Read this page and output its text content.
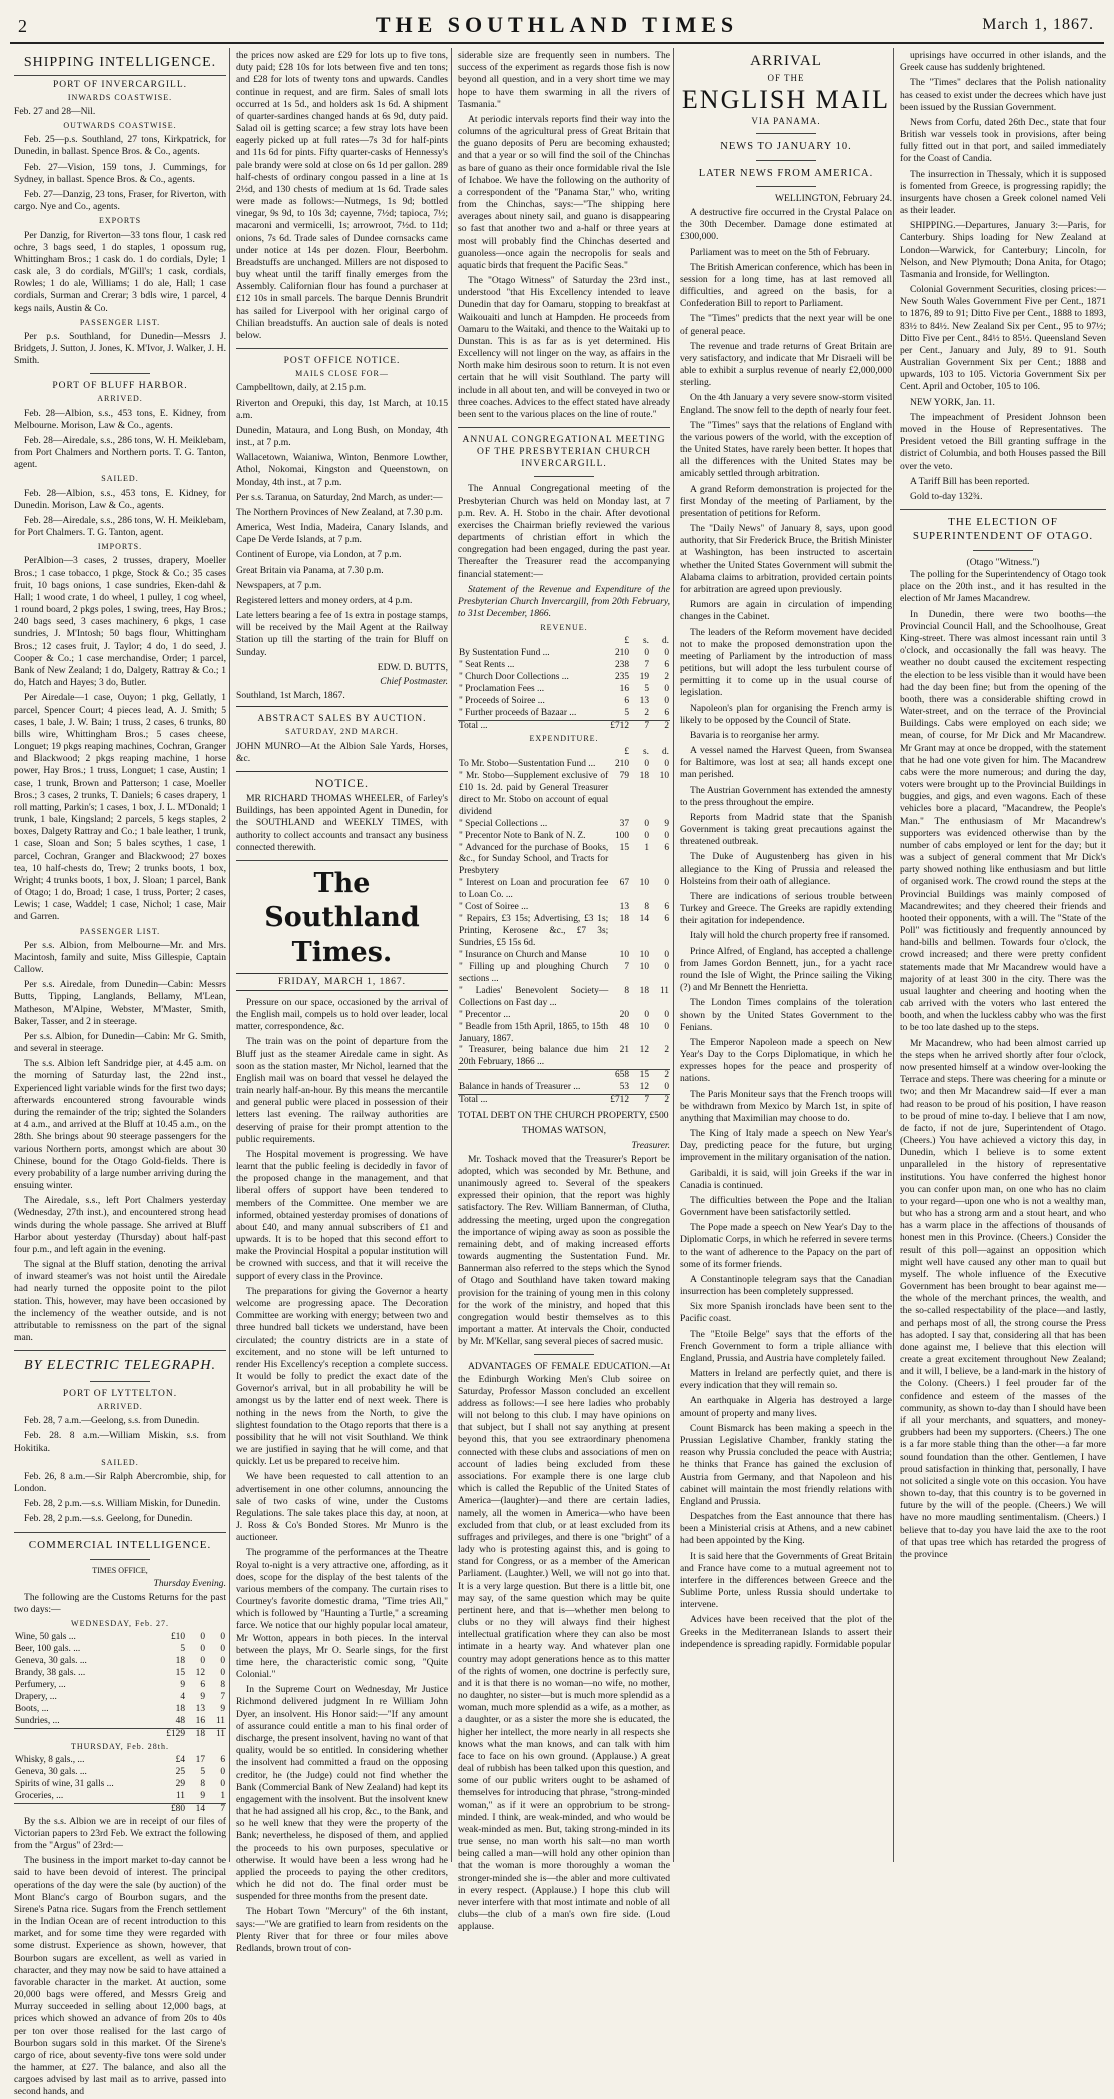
2	THE SOUTHLAND TIMES	March 1, 1867.
SHIPPING INTELLIGENCE.
PORT OF INVERCARGILL.
INWARDS COASTWISE.

Feb. 27 and 28—Nil.

OUTWARDS COASTWISE.

Feb. 25—p.s. Southland, 27 tons, Kirkpatrick, for Dunedin, in ballast. Spence Bros. & Co., agents.

Feb. 27—Vision, 159 tons, J. Cummings, for Sydney, in ballast. Spence Bros. & Co., agents.

Feb. 27—Danzig, 23 tons, Fraser, for Riverton, with cargo. Nye and Co., agents.

EXPORTS

Per Danzig, for Riverton—33 tons flour, 1 cask red ochre, 3 bags seed, 1 do staples, 1 opossum rug, Whittingham Bros.; 1 cask do. 1 do cordials, Dyle; 1 cask ale, 3 do cordials, M'Gill's; 1 cask, cordials, Rowles; 1 do ale, Williams; 1 do ale, Hall; 1 case cordials, Surman and Crerar; 3 bdls wire, 1 parcel, 4 kegs nails, Austin & Co.

PASSENGER LIST.

Per p.s. Southland, for Dunedin—Messrs J. Bridgets, J. Sutton, J. Jones, K. M'Ivor, J. Walker, J. H. Smith.

PORT OF BLUFF HARBOR.
ARRIVED.

Feb. 28—Albion, s.s., 453 tons, E. Kidney, from Melbourne. Morison, Law & Co., agents.

Feb. 28—Airedale, s.s., 286 tons, W. H. Meiklebam, from Port Chalmers and Northern ports. T. G. Tanton, agent.

SAILED.

Feb. 28—Albion, s.s., 453 tons, E. Kidney, for Dunedin. Morison, Law & Co., agents.

Feb. 28—Airedale, s.s., 286 tons, W. H. Meiklebam, for Port Chalmers. T. G. Tanton, agent.

IMPORTS.

PerAlbion—3 cases, 2 trusses, drapery, Moeller Bros.; 1 case tobacco, 1 pkge, Stock & Co.; 35 cases fruit, 10 bags onions, 1 case sundries, Eken-dahl & Hall; 1 wood crate, 1 do wheel, 1 pulley, 1 cog wheel, 1 round board, 2 pkgs poles, 1 swing, trees, Hay Bros.; 240 bags seed, 3 cases machinery, 6 pkgs, 1 case sundries, J. M'Intosh; 50 bags flour, Whittingham Bros.; 12 cases fruit, J. Taylor; 4 do, 1 do seed, J. Cooper & Co.; 1 case merchandise, Order; 1 parcel, Bank of New Zealand; 1 do, Dalgety, Rattray & Co.; 1 do, Hatch and Hayes; 3 do, Butler.

Per Airedale—1 case, Ouyon; 1 pkg, Gellatly, 1 parcel, Spencer Court; 4 pieces lead, A. J. Smith; 5 cases, 1 bale, J. W. Bain; 1 truss, 2 cases, 6 trunks, 80 bills wire, Whittingham Bros.; 5 cases cheese, Longuet; 19 pkgs reaping machines, Cochran, Granger and Blackwood; 2 pkgs reaping machine, 1 horse power, Hay Bros.; 1 truss, Longuet; 1 case, Austin; 1 case, 1 trunk, Brown and Patterson; 1 case, Moeller Bros.; 3 cases, 2 trunks, T. Daniels; 6 cases drapery, 1 roll matting, Parkin's; 1 cases, 1 box, J. L. M'Donald; 1 trunk, 1 bale, Kingsland; 2 parcels, 5 kegs staples, 2 boxes, Dalgety Rattray and Co.; 1 bale leather, 1 trunk, 1 case, Sloan and Son; 5 bales scythes, 1 case, 1 parcel, Cochran, Granger and Blackwood; 27 boxes tea, 10 half-chests do, Trew; 2 trunks boots, 1 box, Wright; 4 trunks boots, 1 box, J. Sloan; 1 parcel, Bank of Otago; 1 do, Broad; 1 case, 1 truss, Porter; 2 cases, Lewis; 1 case, Waddel; 1 case, Nichol; 1 case, Mair and Garren.

PASSENGER LIST.

Per s.s. Albion, from Melbourne—Mr. and Mrs. Macintosh, family and suite, Miss Gillespie, Captain Callow.

Per s.s. Airedale, from Dunedin—Cabin: Messrs Butts, Tipping, Langlands, Bellamy, M'Lean, Matheson, M'Alpine, Webster, M'Master, Smith, Baker, Tasser, and 2 in steerage.

Per s.s. Albion, for Dunedin—Cabin: Mr G. Smith, and several in steerage.

The s.s. Albion left Sandridge pier, at 4.45 a.m. on the morning of Saturday last, the 22nd inst., Experienced light variable winds for the first two days; afterwards encountered strong favourable winds during the remainder of the trip; sighted the Solanders at 4 a.m., and arrived at the Bluff at 10.45 a.m., on the 28th. She brings about 90 steerage passengers for the various Northern ports, amongst which are about 30 Chinese, bound for the Otago Gold-fields. There is every probability of a large number arriving during the ensuing winter.

The Airedale, s.s., left Port Chalmers yesterday (Wednesday, 27th inst.), and encountered strong head winds during the whole passage. She arrived at Bluff Harbor about yesterday (Thursday) about half-past four p.m., and left again in the evening.

The signal at the Bluff station, denoting the arrival of inward steamer's was not hoist until the Airedale had nearly turned the opposite point to the pilot station. This, however, may have been occasioned by the inclemency of the weather outside, and is not attributable to remissness on the part of the signal man.

BY ELECTRIC TELEGRAPH.
PORT OF LYTTELTON.
ARRIVED.

Feb. 28, 7 a.m.—Geelong, s.s. from Dunedin.

Feb. 28. 8 a.m.—William Miskin, s.s. from Hokitika.

SAILED.

Feb. 26, 8 a.m.—Sir Ralph Abercrombie, ship, for London.

Feb. 28, 2 p.m.—s.s. William Miskin, for Dunedin.

Feb. 28, 2 p.m.—s.s. Geelong, for Dunedin.

COMMERCIAL INTELLIGENCE.
TIMES OFFICE,
Thursday Evening.

The following are the Customs Returns for the past two days:—

WEDNESDAY, Feb. 27.
Wine, 50 gals ...	£10	0	0
Beer, 100 gals. ...	5	0	0
Geneva, 30 gals. ...	18	0	0
Brandy, 38 gals. ...	15	12	0
Perfumery, ...	9	6	8
Drapery, ...	4	9	7
Boots, ...	18	13	9
Sundries, ...	48	16	11
	£129	18	11
THURSDAY, Feb. 28th.
Whisky, 8 gals., ...	£4	17	6
Geneva, 30 gals. ...	25	5	0
Spirits of wine, 31 galls ...	29	8	0
Groceries, ...	11	9	1
	£80	14	7

By the s.s. Albion we are in receipt of our files of Victorian papers to 23rd Feb. We extract the following from the "Argus" of 23rd:—

The business in the import market to-day cannot be said to have been devoid of interest. The principal operations of the day were the sale (by auction) of the Mont Blanc's cargo of Bourbon sugars, and the Sirene's Patna rice. Sugars from the French settlement in the Indian Ocean are of recent introduction to this market, and for some time they were regarded with some distrust. Experience as shown, however, that Bourbon sugars are excellent, as well as varied in character, and they may now be said to have attained a favorable character in the market. At auction, some 20,000 bags were offered, and Messrs Greig and Murray succeeded in selling about 12,000 bags, at prices which showed an advance of from 20s to 40s per ton over those realised for the last cargo of Bourbon sugars sold in this market. Of the Sirene's cargo of rice, about seventy-five tons were sold under the hammer, at £27. The balance, and also all the cargoes advised by last mail as to arrive, passed into second hands, and

the prices now asked are £29 for lots up to five tons, duty paid; £28 10s for lots between five and ten tons; and £28 for lots of twenty tons and upwards. Candles continue in request, and are firm. Sales of small lots occurred at 1s 5d., and holders ask 1s 6d. A shipment of quarter-sardines changed hands at 6s 9d, duty paid. Salad oil is getting scarce; a few stray lots have been eagerly picked up at full rates—7s 3d for half-pints and 11s 6d for pints. Fifty quarter-casks of Hennessy's pale brandy were sold at close on 6s 1d per gallon. 289 half-chests of ordinary congou passed in a line at 1s 2½d, and 130 chests of medium at 1s 6d. Trade sales were made as follows:—Nutmegs, 1s 9d; bottled vinegar, 9s 9d, to 10s 3d; cayenne, 7½d; tapioca, 7½; macaroni and vermicelli, 1s; arrowroot, 7½d. to 11d; onions, 7s 6d. Trade sales of Dundee cornsacks came under notice at 14s per dozen. Flour, Beerbohm. Breadstuffs are unchanged. Millers are not disposed to buy wheat until the tariff finally emerges from the Assembly. Californian flour has found a purchaser at £12 10s in small parcels. The barque Dennis Brundrit has sailed for Liverpool with her original cargo of Chilian breadstuffs. An auction sale of deals is noted below.

POST OFFICE NOTICE.
MAILS CLOSE FOR—

Campbelltown, daily, at 2.15 p.m.

Riverton and Orepuki, this day, 1st March, at 10.15 a.m.

Dunedin, Mataura, and Long Bush, on Monday, 4th inst., at 7 p.m.

Wallacetown, Waianiwa, Winton, Benmore Lowther, Athol, Nokomai, Kingston and Queenstown, on Monday, 4th inst., at 7 p.m.

Per s.s. Taranua, on Saturday, 2nd March, as under:—

The Northern Provinces of New Zealand, at 7.30 p.m.

America, West India, Madeira, Canary Islands, and Cape De Verde Islands, at 7 p.m.

Continent of Europe, via London, at 7 p.m.

Great Britain via Panama, at 7.30 p.m.

Newspapers, at 7 p.m.

Registered letters and money orders, at 4 p.m.

Late letters bearing a fee of 1s extra in postage stamps, will be received by the Mail Agent at the Railway Station up till the starting of the train for Bluff on Sunday.

EDW. D. BUTTS,
Chief Postmaster.

Southland, 1st March, 1867.

ABSTRACT SALES BY AUCTION.
SATURDAY, 2ND MARCH.

JOHN MUNRO—At the Albion Sale Yards, Horses, &c.

NOTICE.

MR RICHARD THOMAS WHEELER, of Farley's Buildings, has been appointed Agent in Dunedin, for the SOUTHLAND and WEEKLY TIMES, with authority to collect accounts and transact any business connected therewith.

The Southland Times.
FRIDAY, MARCH 1, 1867.

Pressure on our space, occasioned by the arrival of the English mail, compels us to hold over leader, local matter, correspondence, &c.

The train was on the point of departure from the Bluff just as the steamer Airedale came in sight. As soon as the station master, Mr Nichol, learned that the English mail was on board that vessel he delayed the train nearly half-an-hour. By this means the mercantile and general public were placed in possession of their letters last evening. The railway authorities are deserving of praise for their prompt attention to the public requirements.

The Hospital movement is progressing. We have learnt that the public feeling is decidedly in favor of the proposed change in the management, and that liberal offers of support have been tendered to members of the Committee. One member we are informed, obtained yesterday promises of donations of about £40, and many annual subscribers of £1 and upwards. It is to be hoped that this second effort to make the Provincial Hospital a popular institution will be crowned with success, and that it will receive the support of every class in the Province.

The preparations for giving the Governor a hearty welcome are progressing apace. The Decoration Committee are working with energy; between two and three hundred ball tickets we understand, have been circulated; the country districts are in a state of excitement, and no stone will be left unturned to render His Excellency's reception a complete success. It would be folly to predict the exact date of the Governor's arrival, but in all probability he will be amongst us by the latter end of next week. There is nothing in the news from the North, to give the slightest foundation to the Otago reports that there is a possibility that he will not visit Southland. We think we are justified in saying that he will come, and that quickly. Let us be prepared to receive him.

We have been requested to call attention to an advertisement in one other columns, announcing the sale of two casks of wine, under the Customs Regulations. The sale takes place this day, at noon, at J. Ross & Co's Bonded Stores. Mr Munro is the auctioneer.

The programme of the performances at the Theatre Royal to-night is a very attractive one, affording, as it does, scope for the display of the best talents of the various members of the company. The curtain rises to Courtney's favorite domestic drama, "Time tries All," which is followed by "Haunting a Turtle," a screaming farce. We notice that our highly popular local amateur, Mr Wotton, appears in both pieces. In the interval between the plays, Mr O. Searle sings, for the first time here, the characteristic comic song, "Quite Colonial."

In the Supreme Court on Wednesday, Mr Justice Richmond delivered judgment In re William John Dyer, an insolvent. His Honor said:—"If any amount of assurance could entitle a man to his final order of discharge, the present insolvent, having no want of that quality, would be so entitled. In considering whether the insolvent had committed a fraud on the opposing creditor, he (the Judge) could not find whether the Bank (Commercial Bank of New Zealand) had kept its engagement with the insolvent. But the insolvent knew that he had assigned all his crop, &c., to the Bank, and so he well knew that they were the property of the Bank; nevertheless, he disposed of them, and applied the proceeds to his own purposes, speculative or otherwise. It would have been a less wrong had he applied the proceeds to paying the other creditors, which he did not do. The final order must be suspended for three months from the present date.

The Hobart Town "Mercury" of the 6th instant, says:—"We are gratified to learn from residents on the Plenty River that for three or four miles above Redlands, brown trout of con-

siderable size are frequently seen in numbers. The success of the experiment as regards those fish is now beyond all question, and in a very short time we may hope to have them swarming in all the rivers of Tasmania."

At periodic intervals reports find their way into the columns of the agricultural press of Great Britain that the guano deposits of Peru are becoming exhausted; and that a year or so will find the soil of the Chinchas as bare of guano as their once formidable rival the Isle of Ichaboe. We have the following on the authority of a correspondent of the "Panama Star," who, writing from the Chinchas, says:—"The shipping here averages about ninety sail, and guano is disappearing so fast that another two and a-half or three years at most will probably find the Chinchas deserted and guanoless—once again the necropolis for seals and aquatic birds that frequent the Pacific Seas."

The "Otago Witness" of Saturday the 23rd inst., understood "that His Excellency intended to leave Dunedin that day for Oamaru, stopping to breakfast at Waikouaiti and lunch at Hampden. He proceeds from Oamaru to the Waitaki, and thence to the Waitaki up to Dunstan. This is as far as is yet determined. His Excellency will not linger on the way, as affairs in the North make him desirous soon to return. It is not even certain that he will visit Southland. The party will include in all about ten, and will be conveyed in two or three coaches. Advices to the effect stated have already been sent to the various places on the line of route."

ANNUAL CONGREGATIONAL MEETING OF THE PRESBYTERIAN CHURCH INVERCARGILL.

The Annual Congregational meeting of the Presbyterian Church was held on Monday last, at 7 p.m. Rev. A. H. Stobo in the chair. After devotional exercises the Chairman briefly reviewed the various departments of christian effort in which the congregation had been engaged, during the past year. Thereafter the Treasurer read the accompanying financial statement:—

Statement of the Revenue and Expenditure of the Presbyterian Church Invercargill, from 20th February, to 31st December, 1866.

REVENUE.
	£	s.	d.
By Sustentation Fund ...	210	0	0
" Seat Rents ...	238	7	6
" Church Door Collections ...	235	19	2
" Proclamation Fees ...	16	5	0
" Proceeds of Soiree ...	6	13	0
" Further proceeds of Bazaar ...	5	2	6
Total ...	£712	7	2
EXPENDITURE.
	£	s.	d.
To Mr. Stobo—Sustentation Fund ...	210	0	0
" Mr. Stobo—Supplement exclusive of £10 1s. 2d. paid by General Treasurer direct to Mr. Stobo on account of equal dividend	79	18	10
" Special Collections ...	37	0	9
" Precentor Note to Bank of N. Z.	100	0	0
" Advanced for the purchase of Books, &c., for Sunday School, and Tracts for Presbytery	15	1	6
" Interest on Loan and procuration fee to Loan Co. ...	67	10	0
" Cost of Soiree ...	13	8	6
" Repairs, £3 15s; Advertising, £3 1s; Printing, Kerosene &c., £7 3s; Sundries, £5 15s 6d.	18	14	6
" Insurance on Church and Manse	10	10	0
" Filling up and ploughing Church sections ...	7	10	0
" Ladies' Benevolent Society—Collections on Fast day ...	8	18	11
" Precentor ...	20	0	0
" Beadle from 15th April, 1865, to 15th January, 1867.	48	10	0
" Treasurer, being balance due him 20th February, 1866 ...	21	12	2
	658	15	2
Balance in hands of Treasurer ...	53	12	0
Total ...	£712	7	2

TOTAL DEBT ON THE CHURCH PROPERTY, £500

THOMAS WATSON,
Treasurer.

Mr. Toshack moved that the Treasurer's Report be adopted, which was seconded by Mr. Bethune, and unanimously agreed to. Several of the speakers expressed their opinion, that the report was highly satisfactory. The Rev. William Bannerman, of Clutha, addressing the meeting, urged upon the congregation the importance of wiping away as soon as possible the remaining debt, and of making increased efforts towards augmenting the Sustentation Fund. Mr. Bannerman also referred to the steps which the Synod of Otago and Southland have taken toward making provision for the training of young men in this colony for the work of the ministry, and hoped that this congregation would bestir themselves as to this important a matter. At intervals the Choir, conducted by Mr. M'Kellar, sang several pieces of sacred music.

ADVANTAGES OF FEMALE EDUCATION.—At the Edinburgh Working Men's Club soiree on Saturday, Professor Masson concluded an excellent address as follows:—I see here ladies who probably will not belong to this club. I may have opinions on that subject, but I shall not say anything at present beyond this, that you see extraordinary phenomena connected with these clubs and associations of men on account of ladies being excluded from these associations. For example there is one large club which is called the Republic of the United States of America—(laughter)—and there are certain ladies, namely, all the women in America—who have been excluded from that club, or at least excluded from its suffrages and privileges, and there is one "bright" of a lady who is protesting against this, and is going to stand for Congress, or as a member of the American Parliament. (Laughter.) Well, we will not go into that. It is a very large question. But there is a little bit, one may say, of the same question which may be quite pertinent here, and that is—whether men belong to clubs or no they will always find their highest intellectual gratification where they can also be most intimate in a hearty way. And whatever plan one country may adopt generations hence as to this matter of the rights of women, one doctrine is perfectly sure, and it is that there is no woman—no wife, no mother, no daughter, no sister—but is much more splendid as a woman, much more splendid as a wife, as a mother, as a daughter, or as a sister the more she is educated, the higher her intellect, the more nearly in all respects she knows what the man knows, and can talk with him face to face on his own ground. (Applause.) A great deal of rubbish has been talked upon this question, and some of our public writers ought to be ashamed of themselves for introducing that phrase, "strong-minded woman," as if it were an opprobrium to be strong-minded. I think, are weak-minded, and who would be weak-minded as men. But, taking strong-minded in its true sense, no man worth his salt—no man worth being called a man—will hold any other opinion than that the woman is more thoroughly a woman the stronger-minded she is—the abler and more cultivated in every respect. (Applause.) I hope this club will never interfere with that most intimate and noble of all clubs—the club of a man's own fire side. (Loud applause.

ARRIVAL
OF THE
ENGLISH MAIL
VIA PANAMA.
NEWS TO JANUARY 10.
LATER NEWS FROM AMERICA.
WELLINGTON, February 24.

A destructive fire occurred in the Crystal Palace on the 30th December. Damage done estimated at £300,000.

Parliament was to meet on the 5th of February.

The British American conference, which has been in session for a long time, has at last removed all difficulties, and agreed on the basis, for a Confederation Bill to report to Parliament.

The "Times" predicts that the next year will be one of general peace.

The revenue and trade returns of Great Britain are very satisfactory, and indicate that Mr Disraeli will be able to exhibit a surplus revenue of nearly £2,000,000 sterling.

On the 4th January a very severe snow-storm visited England. The snow fell to the depth of nearly four feet.

The "Times" says that the relations of England with the various powers of the world, with the exception of the United States, have rarely been better. It hopes that all the differences with the United States may be amicably settled through arbitration.

A grand Reform demonstration is projected for the first Monday of the meeting of Parliament, by the presentation of petitions for Reform.

The "Daily News" of January 8, says, upon good authority, that Sir Frederick Bruce, the British Minister at Washington, has been instructed to ascertain whether the United States Government will submit the Alabama claims to arbitration, provided certain points for arbitration are agreed upon previously.

Rumors are again in circulation of impending changes in the Cabinet.

The leaders of the Reform movement have decided not to make the proposed demonstration upon the meeting of Parliament by the introduction of mass petitions, but will adopt the less turbulent course of permitting it to come up in the usual course of legislation.

Napoleon's plan for organising the French army is likely to be opposed by the Council of State.

Bavaria is to reorganise her army.

A vessel named the Harvest Queen, from Swansea for Baltimore, was lost at sea; all hands except one man perished.

The Austrian Government has extended the amnesty to the press throughout the empire.

Reports from Madrid state that the Spanish Government is taking great precautions against the threatened outbreak.

The Duke of Augustenberg has given in his allegiance to the King of Prussia and released the Holsteins from their oath of allegiance.

There are indications of serious trouble between Turkey and Greece. The Greeks are rapidly extending their agitation for independence.

Italy will hold the church property free if ransomed.

Prince Alfred, of England, has accepted a challenge from James Gordon Bennett, jun., for a yacht race round the Isle of Wight, the Prince sailing the Viking (?) and Mr Bennett the Henrietta.

The London Times complains of the toleration shown by the United States Government to the Fenians.

The Emperor Napoleon made a speech on New Year's Day to the Corps Diplomatique, in which he expresses hopes for the peace and prosperity of nations.

The Paris Moniteur says that the French troops will be withdrawn from Mexico by March 1st, in spite of anything that Maximilian may choose to do.

The King of Italy made a speech on New Year's Day, predicting peace for the future, but urging improvement in the military organisation of the nation.

Garibaldi, it is said, will join Greeks if the war in Canadia is continued.

The difficulties between the Pope and the Italian Government have been satisfactorily settled.

The Pope made a speech on New Year's Day to the Diplomatic Corps, in which he referred in severe terms to the want of adherence to the Papacy on the part of some of its former friends.

A Constantinople telegram says that the Canadian insurrection has been completely suppressed.

Six more Spanish ironclads have been sent to the Pacific coast.

The "Etoile Belge" says that the efforts of the French Government to form a triple alliance with England, Prussia, and Austria have completely failed.

Matters in Ireland are perfectly quiet, and there is every indication that they will remain so.

An earthquake in Algeria has destroyed a large amount of property and many lives.

Count Bismarck has been making a speech in the Prussian Legislative Chamber, frankly stating the reason why Prussia concluded the peace with Austria; he thinks that France has gained the exclusion of Austria from Germany, and that Napoleon and his cabinet will maintain the most friendly relations with England and Prussia.

Despatches from the East announce that there has been a Ministerial crisis at Athens, and a new cabinet had been appointed by the King.

It is said here that the Governments of Great Britain and France have come to a mutual agreement not to interfere in the differences between Greece and the Sublime Porte, unless Russia should undertake to intervene.

Advices have been received that the plot of the Greeks in the Mediterranean Islands to assert their independence is spreading rapidly. Formidable popular

uprisings have occurred in other islands, and the Greek cause has suddenly brightened.

The "Times" declares that the Polish nationality has ceased to exist under the decrees which have just been issued by the Russian Government.

News from Corfu, dated 26th Dec., state that four British war vessels took in provisions, after being fully fitted out in that port, and sailed immediately for the Coast of Candia.

The insurrection in Thessaly, which it is supposed is fomented from Greece, is progressing rapidly; the insurgents have chosen a Greek colonel named Veli as their leader.

SHIPPING.—Departures, January 3:—Paris, for Canterbury. Ships loading for New Zealand at London—Warwick, for Canterbury; Lincoln, for Nelson, and New Plymouth; Dona Anita, for Otago; Tasmania and Ironside, for Wellington.

Colonial Government Securities, closing prices:—New South Wales Government Five per Cent., 1871 to 1876, 89 to 91; Ditto Five per Cent., 1888 to 1893, 83½ to 84½. New Zealand Six per Cent., 95 to 97½; Ditto Five per Cent., 84½ to 85½. Queensland Seven per Cent., January and July, 89 to 91. South Australian Government Six per Cent.; 1888 and upwards, 103 to 105. Victoria Government Six per Cent. April and October, 105 to 106.

NEW YORK, Jan. 11.

The impeachment of President Johnson been moved in the House of Representatives. The President vetoed the Bill granting suffrage in the district of Columbia, and both Houses passed the Bill over the veto.

A Tariff Bill has been reported.

Gold to-day 132¾.

THE ELECTION OF SUPERINTENDENT OF OTAGO.
(Otago "Witness.")

The polling for the Superintendency of Otago took place on the 20th inst., and it has resulted in the election of Mr James Macandrew.

In Dunedin, there were two booths—the Provincial Council Hall, and the Schoolhouse, Great King-street. There was almost incessant rain until 3 o'clock, and occasionally the fall was heavy. The weather no doubt caused the excitement respecting the election to be less visible than it would have been had the day been fine; but from the opening of the booth, there was a considerable shifting crowd in Water-street, and on the terrace of the Provincial Buildings. Cabs were employed on each side; we mean, of course, for Mr Dick and Mr Macandrew. Mr Grant may at once be dropped, with the statement that he had one vote given for him. The Macandrew cabs were the more numerous; and during the day, voters were brought up to the Provincial Buildings in buggies, and gigs, and even wagons. Each of these vehicles bore a placard, "Macandrew, the People's Man." The enthusiasm of Mr Macandrew's supporters was evidenced otherwise than by the number of cabs employed or lent for the day; but it was a subject of general comment that Mr Dick's party showed nothing like enthusiasm and but little of organised work. The crowd round the steps at the Provincial Buildings was mainly composed of Macandrewites; and they cheered their friends and hooted their opponents, with a will. The "State of the Poll" was fictitiously and frequently announced by hand-bills and bellmen. Towards four o'clock, the crowd increased; and there were pretty confident statements made that Mr Macandrew would have a majority of at least 300 in the city. There was the usual laughter and cheering and hooting when the cab arrived with the voters who last entered the booth, and when the luckless cabby who was the first to be too late dashed up to the steps.

Mr Macandrew, who had been almost carried up the steps when he arrived shortly after four o'clock, now presented himself at a window over-looking the Terrace and steps. There was cheering for a minute or two; and then Mr Macandrew said—If ever a man had reason to be proud of his position, I have reason to be proud of mine to-day. I believe that I am now, de facto, if not de jure, Superintendent of Otago. (Cheers.) You have achieved a victory this day, in Dunedin, which I believe is to some extent unparalleled in the history of representative institutions. You have conferred the highest honor you can confer upon man, on one who has no claim to your regard—upon one who is not a wealthy man, but who has a strong arm and a stout heart, and who has a warm place in the affections of thousands of honest men in this Province. (Cheers.) Consider the result of this poll—against an opposition which might well have caused any other man to quail but myself. The whole influence of the Executive Government has been brought to bear against me—the whole of the merchant princes, the wealth, and the so-called respectability of the place—and lastly, and perhaps most of all, the strong course the Press has adopted. I say that, considering all that has been done against me, I believe that this election will create a great excitement throughout New Zealand; and it will, I believe, be a land-mark in the history of the Colony. (Cheers.) I feel prouder far of the confidence and esteem of the masses of the community, as shown to-day than I should have been if all your merchants, and squatters, and money-grubbers had been my supporters. (Cheers.) The one is a far more stable thing than the other—a far more sound foundation than the other. Gentlemen, I have proud satisfaction in thinking that, personally, I have not solicited a single vote on this occasion. You have shown to-day, that this country is to be governed in future by the will of the people. (Cheers.) We will have no more maudling sentimentalism. (Cheers.) I believe that to-day you have laid the axe to the root of that upas tree which has retarded the progress of the province
